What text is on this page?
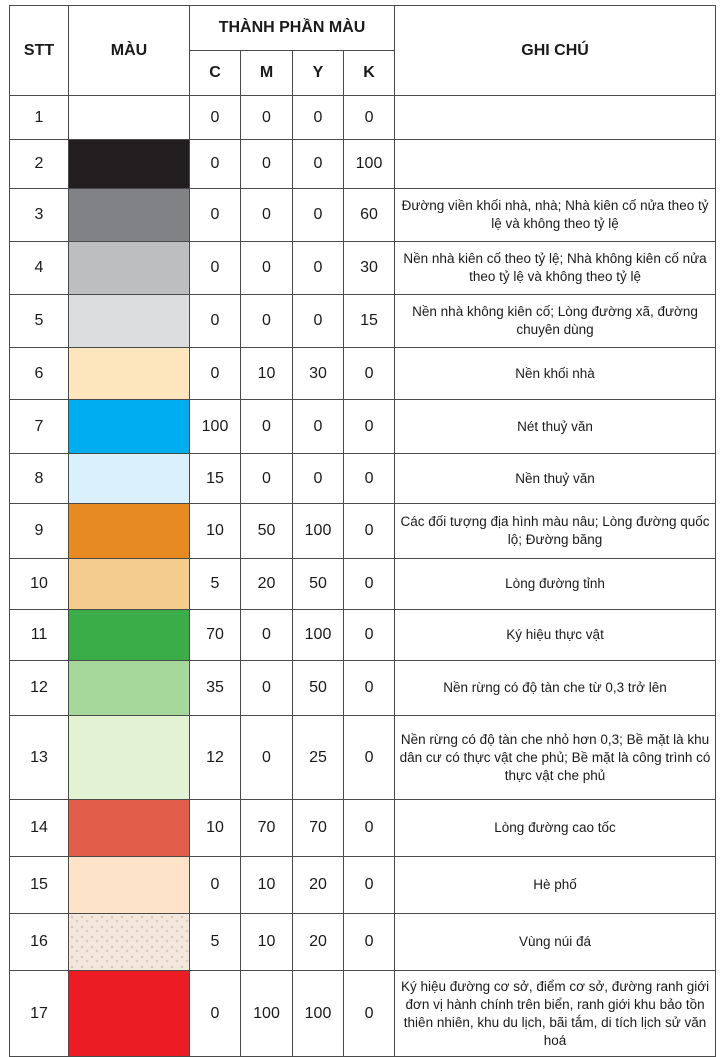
STT	MÀU	THÀNH PHẦN MÀU				GHI CHÚ
		C	M	Y	K	
1		0	0	0	0	
2		0	0	0	100	
3		0	0	0	60	Đường viền khối nhà, nhà; Nhà kiên cố nửa theo tỷ lệ và không theo tỷ lệ
4		0	0	0	30	Nền nhà kiên cố theo tỷ lệ; Nhà không kiên cố nửa theo tỷ lệ và không theo tỷ lệ
5		0	0	0	15	Nền nhà không kiên cố; Lòng đường xã, đường chuyên dùng
6		0	10	30	0	Nền khối nhà
7		100	0	0	0	Nét thuỷ văn
8		15	0	0	0	Nền thuỷ văn
9		10	50	100	0	Các đối tượng địa hình màu nâu; Lòng đường quốc lộ; Đường băng
10		5	20	50	0	Lòng đường tỉnh
11		70	0	100	0	Ký hiệu thực vật
12		35	0	50	0	Nền rừng có độ tàn che từ 0,3 trở lên
13		12	0	25	0	Nền rừng có độ tàn che nhỏ hơn 0,3; Bề mặt là khu dân cư có thực vật che phủ; Bề mặt là công trình có thực vật che phủ
14		10	70	70	0	Lòng đường cao tốc
15		0	10	20	0	Hè phố
16		5	10	20	0	Vùng núi đá
17		0	100	100	0	Ký hiệu đường cơ sở, điểm cơ sở, đường ranh giới đơn vị hành chính trên biển, ranh giới khu bảo tồn thiên nhiên, khu du lịch, bãi tắm, di tích lịch sử văn hoá
